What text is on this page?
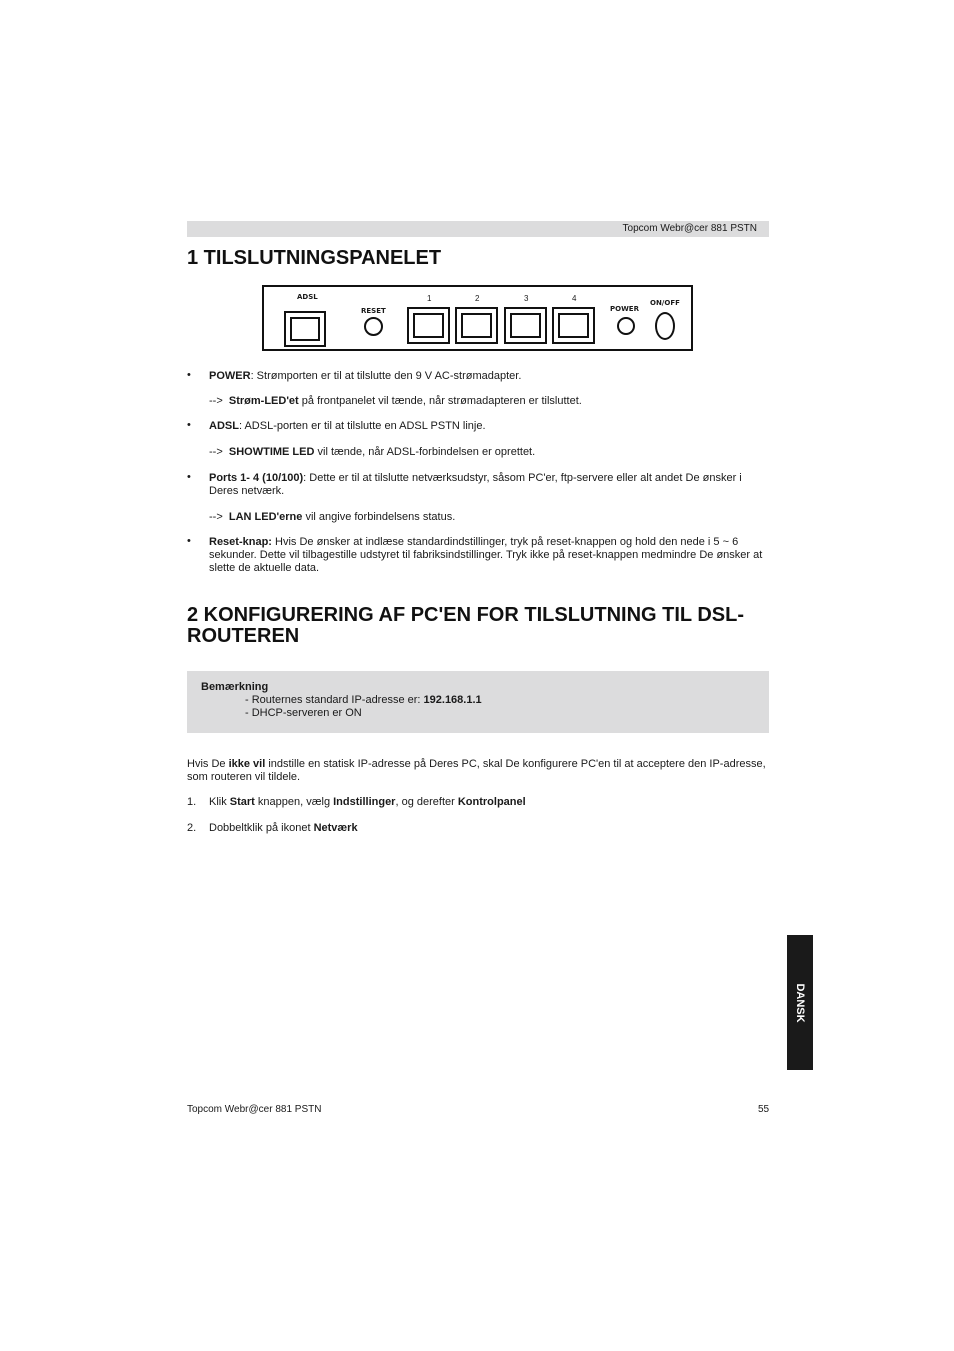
Topcom Webr@cer 881 PSTN
1 TILSLUTNINGSPANELET
ADSL
RESET
1	2	3	4
POWER
ON/OFF
• POWER: Strømporten er til at tilslutte den 9 V AC-strømadapter.
--> Strøm-LED'et på frontpanelet vil tænde, når strømadapteren er tilsluttet.
• ADSL: ADSL-porten er til at tilslutte en ADSL PSTN linje.
--> SHOWTIME LED vil tænde, når ADSL-forbindelsen er oprettet.
• Ports 1- 4 (10/100): Dette er til at tilslutte netværksudstyr, såsom PC'er, ftp-servere eller alt andet De ønsker i Deres netværk.
--> LAN LED'erne vil angive forbindelsens status.
• Reset-knap: Hvis De ønsker at indlæse standardindstillinger, tryk på reset-knappen og hold den nede i 5 ~ 6 sekunder. Dette vil tilbagestille udstyret til fabriksindstillinger. Tryk ikke på reset-knappen medmindre De ønsker at slette de aktuelle data.
2 KONFIGURERING AF PC'EN FOR TILSLUTNING TIL DSL-
ROUTEREN
Bemærkning
- Routernes standard IP-adresse er: 192.168.1.1
- DHCP-serveren er ON
Hvis De ikke vil indstille en statisk IP-adresse på Deres PC, skal De konfigurere PC'en til at acceptere den IP-adresse, som routeren vil tildele.
1. Klik Start knappen, vælg Indstillinger, og derefter Kontrolpanel
2. Dobbeltklik på ikonet Netværk
DANSK
Topcom Webr@cer 881 PSTN	55
